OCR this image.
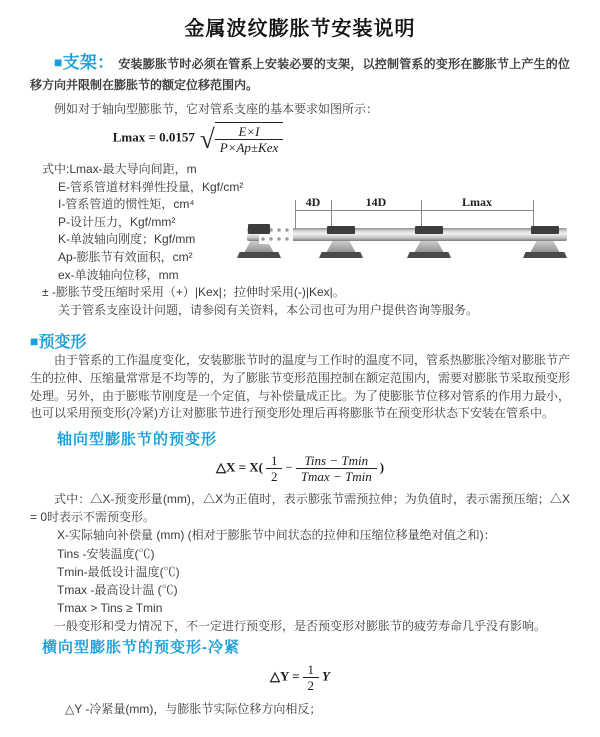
金属波纹膨胀节安装说明
■支架： 安装膨胀节时必须在管系上安装必要的支架，以控制管系的变形在膨胀节上产生的位移方向并限制在膨胀节的额定位移范围内。
例如对于轴向型膨胀节，它对管系支座的基本要求如图所示：
Lmax = 0.0157 √	E×I
P×Ap±Kex
式中:Lmax-最大导向间距，m
E-管系管道材料弹性投量，Kgf/cm²
I-管系管道的惯性矩，cm⁴
P-设计压力，Kgf/mm²
K-单波轴向刚度；Kgf/mm
Ap-膨胀节有效面积，cm²
ex-单波轴向位移，mm
± -膨胀节受压缩时采用（+）|Kex|；拉伸时采用(-)|Kex|。
关于管系支座设计问题，请参阅有关资料，本公司也可为用户提供咨询等服务。
4D	14D	Lmax
■预变形
由于管系的工作温度变化，安装膨胀节时的温度与工作时的温度不同，管系热膨胀冷缩对膨胀节产生的拉伸、压缩量常常是不均等的，为了膨胀节变形范围控制在额定范围内，需要对膨胀节采取预变形处理。另外，由于膨账节刚度是一个定值，与补偿量成正比。为了使膨胀节位移对管系的作用力最小，也可以采用预变形(冷紧)方让对膨胀节进行预变形处理后再将膨胀节在预变形状态下安装在管系中。
轴向型膨胀节的预变形
△X = $X( \frac{1}{2} - \frac{\text{Tins − Tmin}}{Tmax - Tmin}$ )
式中：△X-预变形量(mm)，△X为正值时，表示膨张节需预拉伸；为负值时，表示需预压缩；△X = 0时表示不需预变形。
X-实际轴向补偿量 (mm) (相对于膨胀节中间状态的拉伸和压缩位移量绝对值之和)：
Tins -安装温度(℃)
Tmin-最低设计温度(℃)
Tmax -最高设计温 (℃)
Tmax > Tins ≥ Tmin
一般变形和受力情况下，不一定进行预变形，是否预变形对膨胀节的疲劳寿命几乎没有影响。
横向型膨胀节的预变形-冷紧
△Y = $\frac{1}{2}$ Y
△Y -冷紧量(mm)，与膨胀节实际位移方向相反；
